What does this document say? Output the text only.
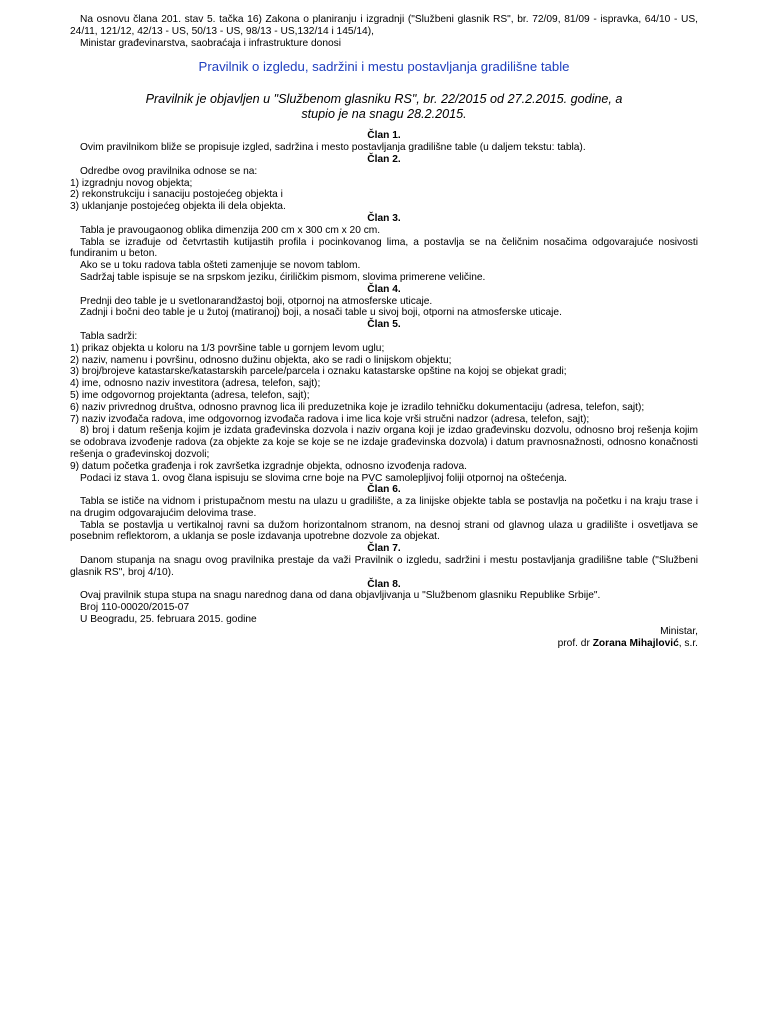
Na osnovu člana 201. stav 5. tačka 16) Zakona o planiranju i izgradnji ("Službeni glasnik RS", br. 72/09, 81/09 - ispravka, 64/10 - US, 24/11, 121/12, 42/13 - US, 50/13 - US, 98/13 - US,132/14 i 145/14),
Ministar građevinarstva, saobraćaja i infrastrukture donosi
Pravilnik o izgledu, sadržini i mestu postavljanja gradilišne table
Pravilnik je objavljen u "Službenom glasniku RS", br. 22/2015 od 27.2.2015. godine, a stupio je na snagu 28.2.2015.
Član 1.
Ovim pravilnikom bliže se propisuje izgled, sadržina i mesto postavljanja gradilišne table (u daljem tekstu: tabla).
Član 2.
Odredbe ovog pravilnika odnose se na:
1) izgradnju novog objekta;
2) rekonstrukciju i sanaciju postojećeg objekta i
3) uklanjanje postojećeg objekta ili dela objekta.
Član 3.
Tabla je pravougaonog oblika dimenzija 200 cm x 300 cm x 20 cm.
Tabla se izrađuje od četvrtastih kutijastih profila i pocinkovanog lima, a postavlja se na čeličnim nosačima odgovarajuće nosivosti fundiranim u beton.
Ako se u toku radova tabla ošteti zamenjuje se novom tablom.
Sadržaj table ispisuje se na srpskom jeziku, ćiriličkim pismom, slovima primerene veličine.
Član 4.
Prednji deo table je u svetlonarandžastoj boji, otpornoj na atmosferske uticaje.
Zadnji i bočni deo table je u žutoj (matiranoj) boji, a nosači table u sivoj boji, otporni na atmosferske uticaje.
Član 5.
Tabla sadrži:
1) prikaz objekta u koloru na 1/3 površine table u gornjem levom uglu;
2) naziv, namenu i površinu, odnosno dužinu objekta, ako se radi o linijskom objektu;
3) broj/brojeve katastarske/katastarskih parcele/parcela i oznaku katastarske opštine na kojoj se objekat gradi;
4) ime, odnosno naziv investitora (adresa, telefon, sajt);
5) ime odgovornog projektanta (adresa, telefon, sajt);
6) naziv privrednog društva, odnosno pravnog lica ili preduzetnika koje je izradilo tehničku dokumentaciju (adresa, telefon, sajt);
7) naziv izvođača radova, ime odgovornog izvođača radova i ime lica koje vrši stručni nadzor (adresa, telefon, sajt);
8) broj i datum rešenja kojim je izdata građevinska dozvola i naziv organa koji je izdao građevinsku dozvolu, odnosno broj rešenja kojim se odobrava izvođenje radova (za objekte za koje se koje se ne izdaje građevinska dozvola) i datum pravnosnažnosti, odnosno konačnosti rešenja o građevinskoj dozvoli;
9) datum početka građenja i rok završetka izgradnje objekta, odnosno izvođenja radova.
Podaci iz stava 1. ovog člana ispisuju se slovima crne boje na PVC samolepljivoj foliji otpornoj na oštećenja.
Član 6.
Tabla se ističe na vidnom i pristupačnom mestu na ulazu u gradilište, a za linijske objekte tabla se postavlja na početku i na kraju trase i na drugim odgovarajućim delovima trase.
Tabla se postavlja u vertikalnoj ravni sa dužom horizontalnom stranom, na desnoj strani od glavnog ulaza u gradilište i osvetljava se posebnim reflektorom, a uklanja se posle izdavanja upotrebne dozvole za objekat.
Član 7.
Danom stupanja na snagu ovog pravilnika prestaje da važi Pravilnik o izgledu, sadržini i mestu postavljanja gradilišne table ("Službeni glasnik RS", broj 4/10).
Član 8.
Ovaj pravilnik stupa stupa na snagu narednog dana od dana objavljivanja u "Službenom glasniku Republike Srbije".
Broj 110-00020/2015-07
U Beogradu, 25. februara 2015. godine
Ministar,
prof. dr Zorana Mihajlović, s.r.
